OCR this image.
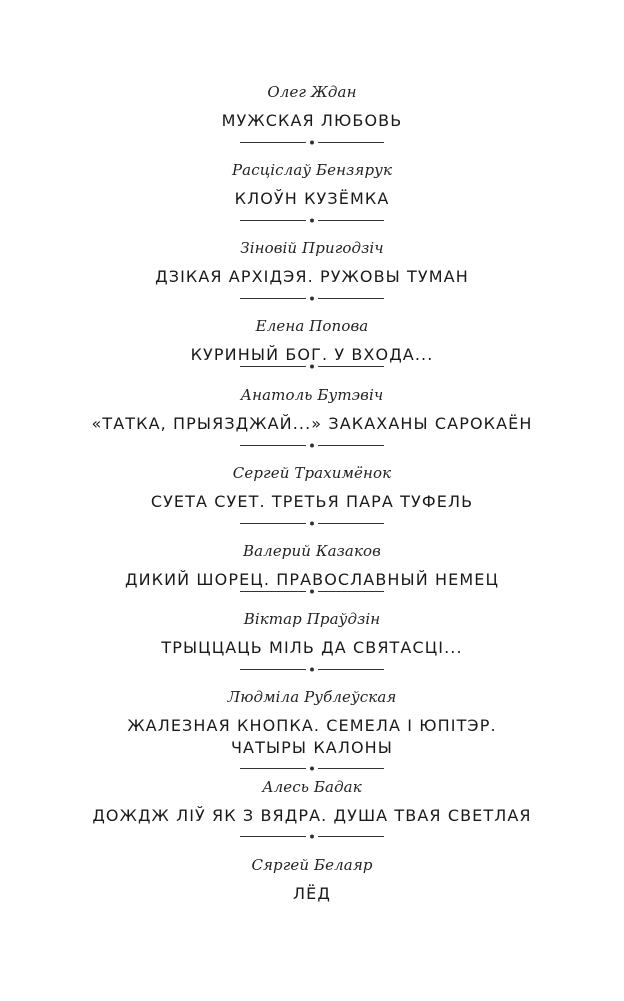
Олег Ждан
МУЖСКАЯ ЛЮБОВЬ
Расціслаў Бензярук
КЛОЎН КУЗЁМКА
Зіновій Пригодзіч
ДЗІКАЯ АРХІДЭЯ. РУЖОВЫ ТУМАН
Елена Попова
КУРИНЫЙ БОГ. У ВХОДА...
Анатоль Бутэвіч
«ТАТКА, ПРЫЯЗДЖАЙ...» ЗАКАХАНЫ САРОКАЁН
Сергей Трахимёнок
СУЕТА СУЕТ. ТРЕТЬЯ ПАРА ТУФЕЛЬ
Валерий Казаков
ДИКИЙ ШОРЕЦ. ПРАВОСЛАВНЫЙ НЕМЕЦ
Віктар Праўдзін
ТРЫЦЦАЦЬ МІЛЬ ДА СВЯТАСЦІ...
Людміла Рублеўская
ЖАЛЕЗНАЯ КНОПКА. СЕМЕЛА І ЮПІТЭР.
ЧАТЫРЫ КАЛОНЫ
Алесь Бадак
ДОЖДЖ ЛІЎ ЯК З ВЯДРА. ДУША ТВАЯ СВЕТЛАЯ
Сяргей Белаяр
ЛЁД
